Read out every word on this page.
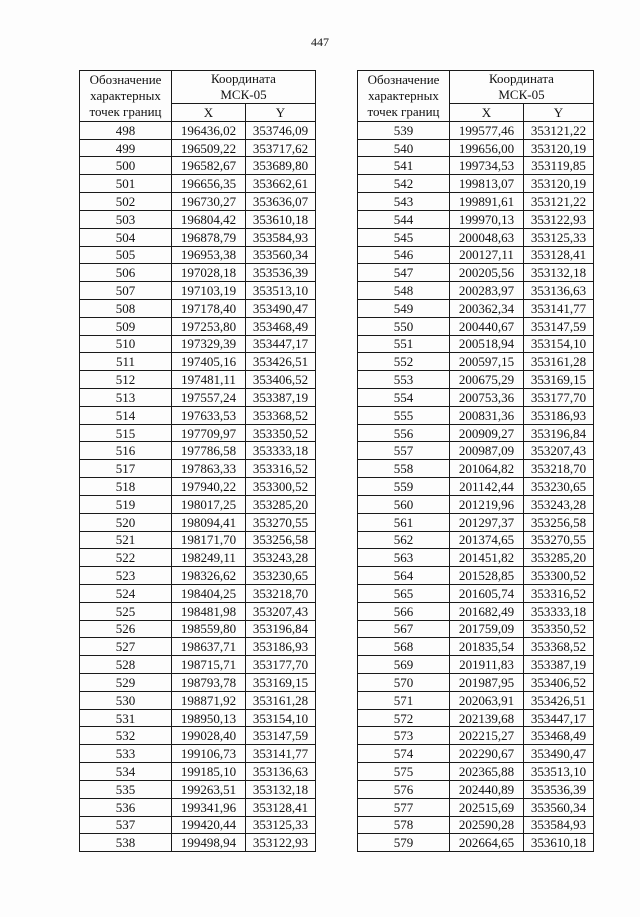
447
Обозначение
характерных
точек границ	Координата
МСК-05	

	X	Y
498	196436,02	353746,09
499	196509,22	353717,62
500	196582,67	353689,80
501	196656,35	353662,61
502	196730,27	353636,07
503	196804,42	353610,18
504	196878,79	353584,93
505	196953,38	353560,34
506	197028,18	353536,39
507	197103,19	353513,10
508	197178,40	353490,47
509	197253,80	353468,49
510	197329,39	353447,17
511	197405,16	353426,51
512	197481,11	353406,52
513	197557,24	353387,19
514	197633,53	353368,52
515	197709,97	353350,52
516	197786,58	353333,18
517	197863,33	353316,52
518	197940,22	353300,52
519	198017,25	353285,20
520	198094,41	353270,55
521	198171,70	353256,58
522	198249,11	353243,28
523	198326,62	353230,65
524	198404,25	353218,70
525	198481,98	353207,43
526	198559,80	353196,84
527	198637,71	353186,93
528	198715,71	353177,70
529	198793,78	353169,15
530	198871,92	353161,28
531	198950,13	353154,10
532	199028,40	353147,59
533	199106,73	353141,77
534	199185,10	353136,63
535	199263,51	353132,18
536	199341,96	353128,41
537	199420,44	353125,33
538	199498,94	353122,93
Обозначение
характерных
точек границ	Координата
МСК-05	

	X	Y
539	199577,46	353121,22
540	199656,00	353120,19
541	199734,53	353119,85
542	199813,07	353120,19
543	199891,61	353121,22
544	199970,13	353122,93
545	200048,63	353125,33
546	200127,11	353128,41
547	200205,56	353132,18
548	200283,97	353136,63
549	200362,34	353141,77
550	200440,67	353147,59
551	200518,94	353154,10
552	200597,15	353161,28
553	200675,29	353169,15
554	200753,36	353177,70
555	200831,36	353186,93
556	200909,27	353196,84
557	200987,09	353207,43
558	201064,82	353218,70
559	201142,44	353230,65
560	201219,96	353243,28
561	201297,37	353256,58
562	201374,65	353270,55
563	201451,82	353285,20
564	201528,85	353300,52
565	201605,74	353316,52
566	201682,49	353333,18
567	201759,09	353350,52
568	201835,54	353368,52
569	201911,83	353387,19
570	201987,95	353406,52
571	202063,91	353426,51
572	202139,68	353447,17
573	202215,27	353468,49
574	202290,67	353490,47
575	202365,88	353513,10
576	202440,89	353536,39
577	202515,69	353560,34
578	202590,28	353584,93
579	202664,65	353610,18
